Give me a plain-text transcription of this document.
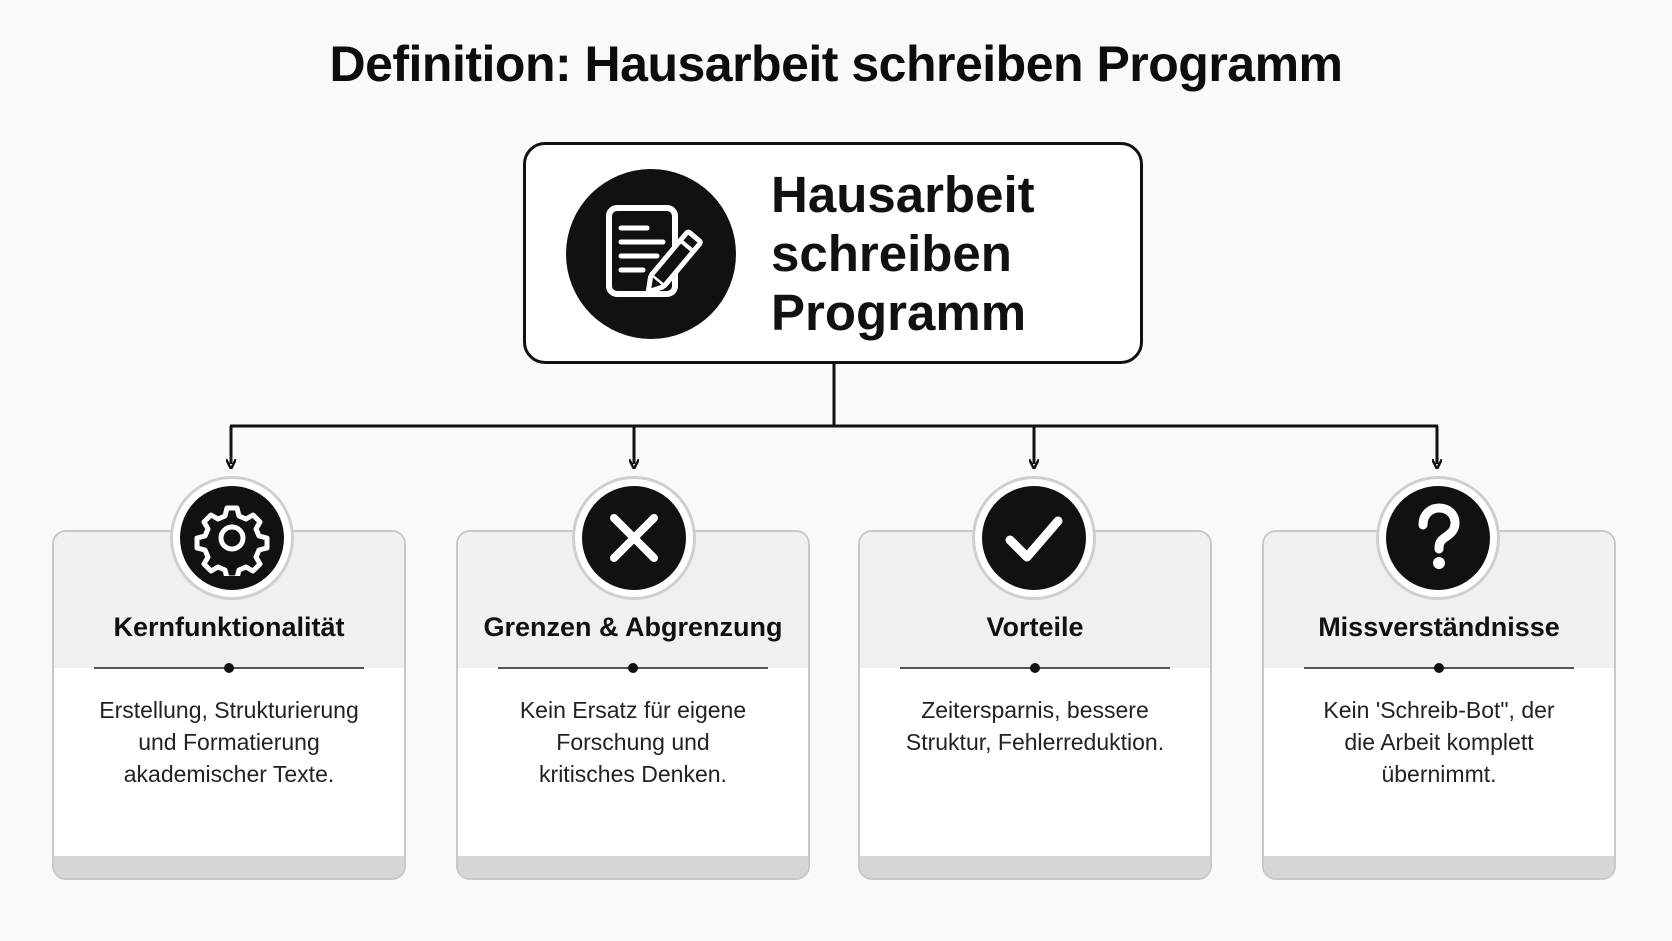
Definition: Hausarbeit schreiben Programm
Hausarbeit
schreiben
Programm
Kernfunktionalität
Erstellung, Strukturierung
und Formatierung
akademischer Texte.
Grenzen & Abgrenzung
Kein Ersatz für eigene
Forschung und
kritisches Denken.
Vorteile
Zeitersparnis, bessere
Struktur, Fehlerreduktion.
Missverständnisse
Kein 'Schreib-Bot", der
die Arbeit komplett
übernimmt.
